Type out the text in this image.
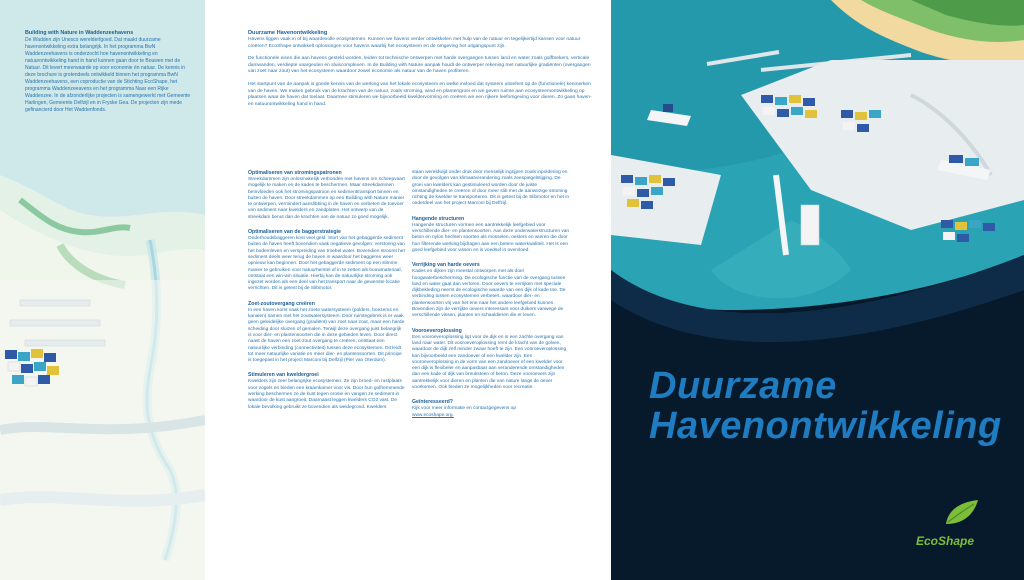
Building with Nature in Waddenzeehavens

De Wadden zijn Unesco werelderfgoed. Dat maakt duurzame havenontwikkeling extra belangrijk. In het programma BwN Waddenzeehavens is onderzocht hoe havenontwikkeling en natuurontwikkeling hand in hand kunnen gaan door te Bouwen met de Natuur. Dit levert meerwaarde op voor economie én natuur. De kennis in deze brochure is grotendeels ontwikkeld binnen het programma BwN Waddenzeehavens, een coproductie van de Stichting EcoShape, het programma Waddenzeeavens en het programma Naar een Rijke Waddenzee. In de afzonderlijke projecten is samengewerkt met Gemeente Harlingen, Gemeente Delfzijl en in Fryske Gea. De projecten zijn mede gefinancierd door Het Waddenfonds.

Duurzame Havenontwikkeling

Havens liggen vaak in of bij waardevolle ecosystemen. Kunnen we havens verder ontwikkelen met hulp van de natuur en tegelijkertijd kansen voor natuur creëren? EcoShape ontwikkelt oplossingen voor havens waarbij het ecosysteem en de omgeving het uitgangspunt zijn.

De functionele eisen die aan havens gesteld worden, leiden tot technische ontwerpen met harde overgangen tussen land en water zoals golfbrekers, verticale damwanden, verdiepte vaargeulen en sluiscomplexen. In de Building with Nature aanpak houdt de ontwerper rekening met natuurlijke gradiënten (overgangen van zoet naar zout) van het ecosysteem waardoor zowel economie als natuur van de haven profiteren.

Het startpunt van de aanpak is goede kennis van de werking van het lokale ecosysteem en welke invloed dat systeem uitoefent op de (functionele) kenmerken van de haven. We maken gebruik van de krachten van de natuur, zoals stroming, wind en plantengroei en we geven ruimte aan ecosysteemontwikkeling op plaatsen waar de haven dat toelaat. Daarmee stimuleren we bijvoorbeeld kweldervorming en creëren we een rijkere leefomgeving voor dieren. Zo gaan haven- en natuurontwikkeling hand in hand.

Optimaliseren van stromingspatronen

Streekdammen zijn onlosmakelijk verbonden met havens om scheepvaart mogelijk te maken en de kades te beschermen. Maar streekdammen beïnvloeden ook het stromingspatroon en sedimenttransport binnen en buiten de haven. Door streekdammen op een Building with Nature manier te ontwerpen, vermindert aanslibbing in de haven en verbetert de toevoer van sediment naar kwelders en zandplaten. Het ontwerp van de streekdam benut dan de krachten van de natuur zo goed mogelijk.

Optimaliseren van de baggerstrategie

Onderhoudsbaggeren kost veel geld. Stort van het gebaggerde sediment buiten de haven heeft bovendien vaak negatieve gevolgen: verstoring van het bodemleven en verspreiding van troebel water. Bovendien stroomt het sediment deels weer terug de haven in waardoor het baggeren weer opnieuw kan beginnen. Door het gebaggerde sediment op een slimme manier te gebruiken voor natuurherstel of in te zetten als bouwmateriaal, ontstaat een win-win situatie. Hierbij kan de natuurlijke stroming ook ingezet worden als een deel van het transport naar de gewenste locatie verrichten. Dit is getest bij de Slibmotor.

Zoet-zoutovergang creëren

In een haven komt vaak het zoete watersysteem (polders, boezems en kanalen) samen met het zoutwatersysteem. Door ruimtegebrek is er vaak geen geleidelijke overgang (gradiënt) van zoet naar zout, maar een harde scheiding door sluizen of gemalen. Terwijl deze overgang juist belangrijk is voor dier- en plantensoorten die in deze gebieden leven. Door direct naast de haven een zoet-zout overgang te creëren, ontstaat een natuurlijke verbinding (connectiviteit) tussen deze ecosystemen. Dit leidt tot meer natuurlijke variatie en meer dier- en plantensoorten. Dit principe is toegepast in het project Marconi bij Delfzijl (Pier van Oterdum).

Stimuleren van kweldergroei

Kwelders zijn zeer belangrijke ecosystemen. Ze zijn broed- en rustplaats voor vogels en bieden een kraamkamer voor vis. Door hun golfremmende werking beschermen ze de kust tegen erosie en vangen ze sediment in waardoor de kust aangroeit. Daarnaast leggen kwelders CO2 vast. De lokale bevolking gebruikt ze bovendien als weidegrond. Kwelders

staan wereldwijd onder druk door menselijk ingrijpen zoals inpoldering en door de gevolgen van klimaatverandering zoals zeespiegelstijging. De groei van kwelders kan gestimuleerd worden door de juiste omstandigheden te creëren of door meer slib met de aanwezige stroming richting de kwelder te transporteren. Dit is getest bij de Slibmotor en het in onderdeel van het project Marconi bij Delfzijl.

Hangende structuren

Hangende structuren vormen een aantrekkelijk leefgebied voor verschillende dier- en plantensoorten. Aan deze onderwaterstructuren van beton en nylon hechten soorten als mosselen, oesters en wieren die door hun filterende werking bijdragen aan een betere waterkwaliteit. Het is een goed leefgebied voor vissen en is voedsel in overvloed.

Verrijking van harde oevers

Kades en dijken zijn meestal ontworpen met als doel hoogwaterbescherming. De ecologische functie van de overgang tussen land en water gaat dan verloren. Door oevers te verrijken met speciale dijkbekleding neemt de ecologische waarde van een dijk of kade toe. De verbinding tussen ecosystemen verbetert, waardoor dier- en plantensoorten vrij van het ene naar het andere leefgebied kunnen. Bovendien zijn de verrijkte oevers interessant voor duikers vanwege de verschillende vissen, planten en schaaldieren die er leven.

Vooroeveroplossing

Een vooroeveroplossing ligt voor de dijk en is een zachte overgang van land naar water. Dit vooroeveroplossing remt de kracht van de golven, waardoor de dijk zelf minder zwaar hoeft te zijn. Een vooroeveroplossing kan bijvoorbeeld een zandoever of een kwelder zijn. Een vooroeveroplossing in de vorm van een zandoever of een kwelder voor een dijk is flexibeler en aanpasbaar aan veranderende omstandigheden dan een kade of dijk van breuksteen of beton. Deze vooroevers zijn aantrekkelijk voor dieren en planten die van nature langs de oever voorkomen. Ook bieden ze mogelijkheden voor recreatie.

Geïnteresseerd?

Kijk voor meer informatie en contactgegevens op
www.ecoshape.org.

Duurzame
Havenontwikkeling
EcoShape
